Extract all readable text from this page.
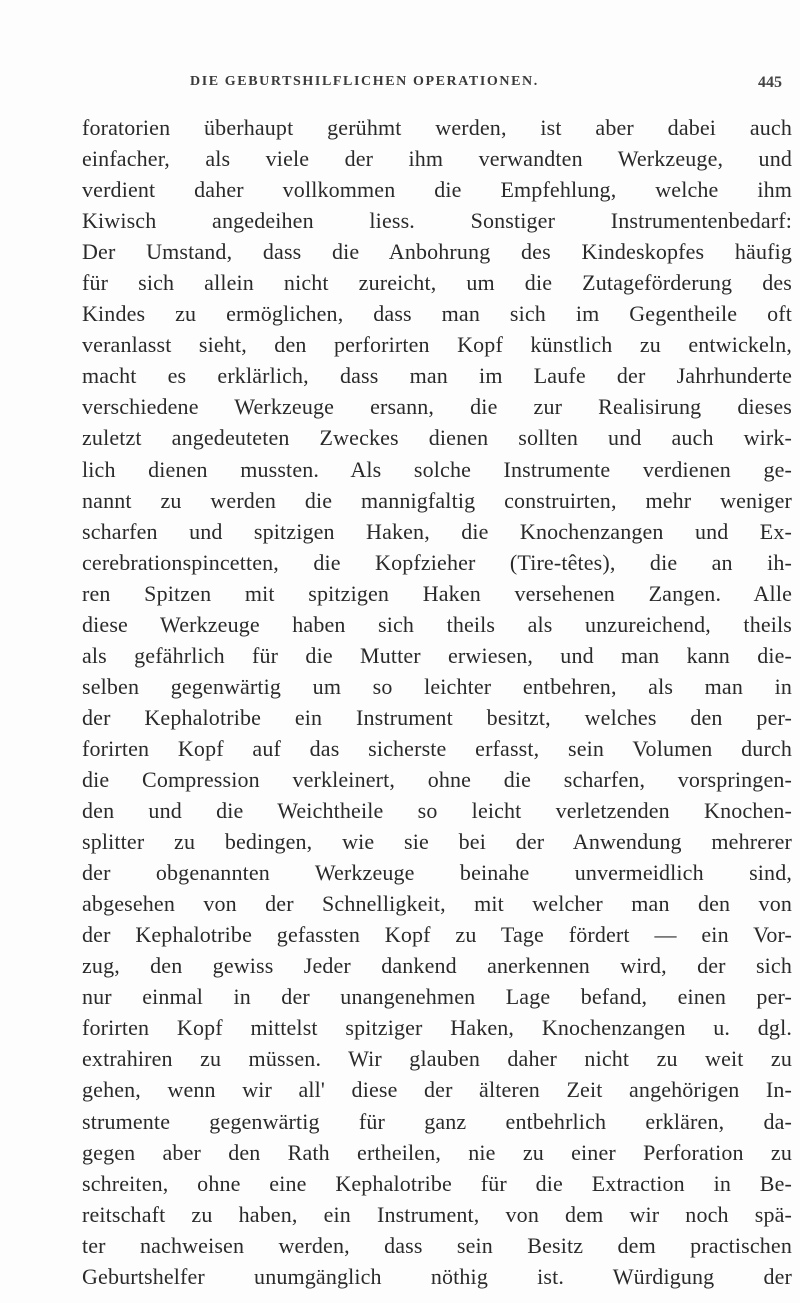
DIE GEBURTSHILFLICHEN OPERATIONEN.	445
foratorien überhaupt gerühmt werden, ist aber dabei auch
einfacher, als viele der ihm verwandten Werkzeuge, und
verdient daher vollkommen die Empfehlung, welche ihm
Kiwisch angedeihen liess. Sonstiger Instrumentenbedarf:
Der Umstand, dass die Anbohrung des Kindeskopfes häufig
für sich allein nicht zureicht, um die Zutageförderung des
Kindes zu ermöglichen, dass man sich im Gegentheile oft
veranlasst sieht, den perforirten Kopf künstlich zu entwickeln,
macht es erklärlich, dass man im Laufe der Jahrhunderte
verschiedene Werkzeuge ersann, die zur Realisirung dieses
zuletzt angedeuteten Zweckes dienen sollten und auch wirk-
lich dienen mussten. Als solche Instrumente verdienen ge-
nannt zu werden die mannigfaltig construirten, mehr weniger
scharfen und spitzigen Haken, die Knochenzangen und Ex-
cerebrationspincetten, die Kopfzieher (Tire-têtes), die an ih-
ren Spitzen mit spitzigen Haken versehenen Zangen. Alle
diese Werkzeuge haben sich theils als unzureichend, theils
als gefährlich für die Mutter erwiesen, und man kann die-
selben gegenwärtig um so leichter entbehren, als man in
der Kephalotribe ein Instrument besitzt, welches den per-
forirten Kopf auf das sicherste erfasst, sein Volumen durch
die Compression verkleinert, ohne die scharfen, vorspringen-
den und die Weichtheile so leicht verletzenden Knochen-
splitter zu bedingen, wie sie bei der Anwendung mehrerer
der obgenannten Werkzeuge beinahe unvermeidlich sind,
abgesehen von der Schnelligkeit, mit welcher man den von
der Kephalotribe gefassten Kopf zu Tage fördert — ein Vor-
zug, den gewiss Jeder dankend anerkennen wird, der sich
nur einmal in der unangenehmen Lage befand, einen per-
forirten Kopf mittelst spitziger Haken, Knochenzangen u. dgl.
extrahiren zu müssen. Wir glauben daher nicht zu weit zu
gehen, wenn wir all' diese der älteren Zeit angehörigen In-
strumente gegenwärtig für ganz entbehrlich erklären, da-
gegen aber den Rath ertheilen, nie zu einer Perforation zu
schreiten, ohne eine Kephalotribe für die Extraction in Be-
reitschaft zu haben, ein Instrument, von dem wir noch spä-
ter nachweisen werden, dass sein Besitz dem practischen
Geburtshelfer unumgänglich nöthig ist. Würdigung der
